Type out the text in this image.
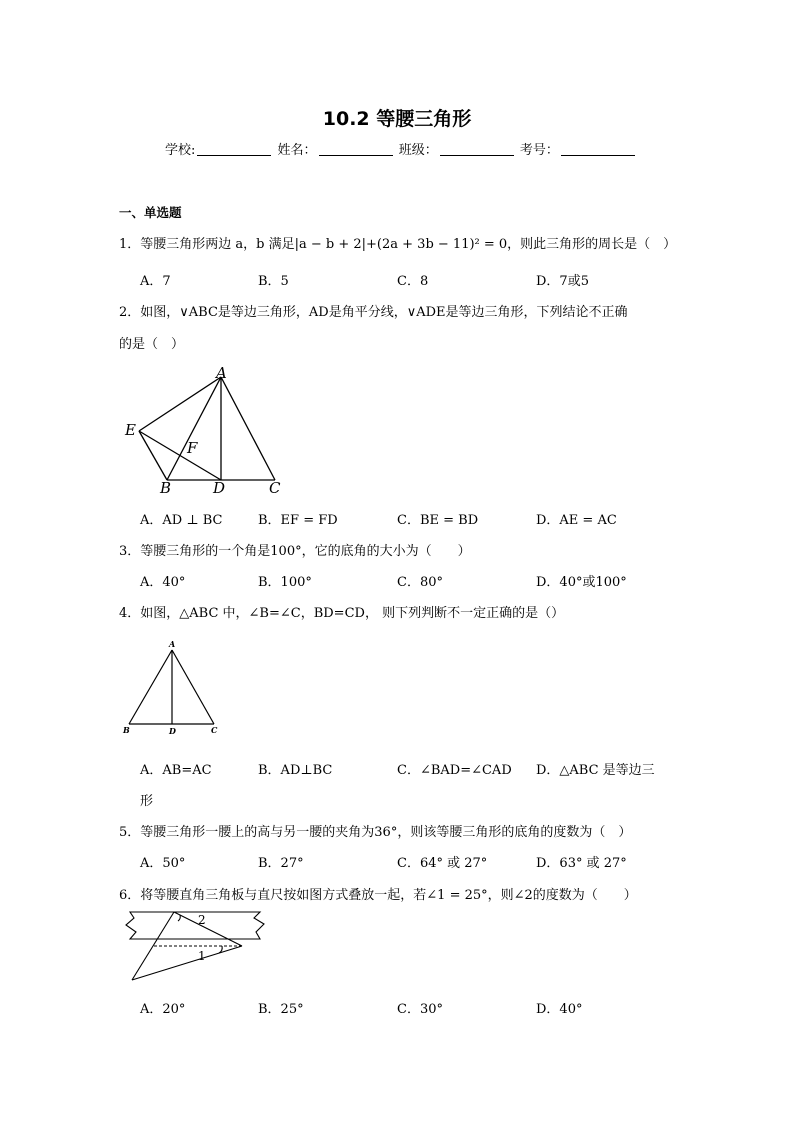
10.2 等腰三角形
学校:	姓名：	班级：	考号：
一、单选题
1．等腰三角形两边 a，b 满足|a − b + 2|+(2a + 3b − 11)² = 0，则此三角形的周长是（　）
A．7	B．5	C．8	D．7或5
2．如图，∨ABC是等边三角形，AD是角平分线，∨ADE是等边三角形，下列结论不正确
的是（　）
A
E
F
B	D	C
A．AD ⊥ BC	B．EF = FD	C．BE = BD	D．AE = AC
3．等腰三角形的一个角是100°，它的底角的大小为（　　）
A．40°	B．100°	C．80°	D．40°或100°
4．如图，△ABC 中，∠B=∠C，BD=CD， 则下列判断不一定正确的是（）
A
B	D	C
A．AB=AC	B．AD⊥BC	C．∠BAD=∠CAD D．△ABC 是等边三
形
5．等腰三角形一腰上的高与另一腰的夹角为36°，则该等腰三角形的底角的度数为（　）
A．50°	B．27°	C．64° 或 27°	D．63° 或 27°
6．将等腰直角三角板与直尺按如图方式叠放一起，若∠1 = 25°，则∠2的度数为（　　）
2
1
A．20°	B．25°	C．30°	D．40°
